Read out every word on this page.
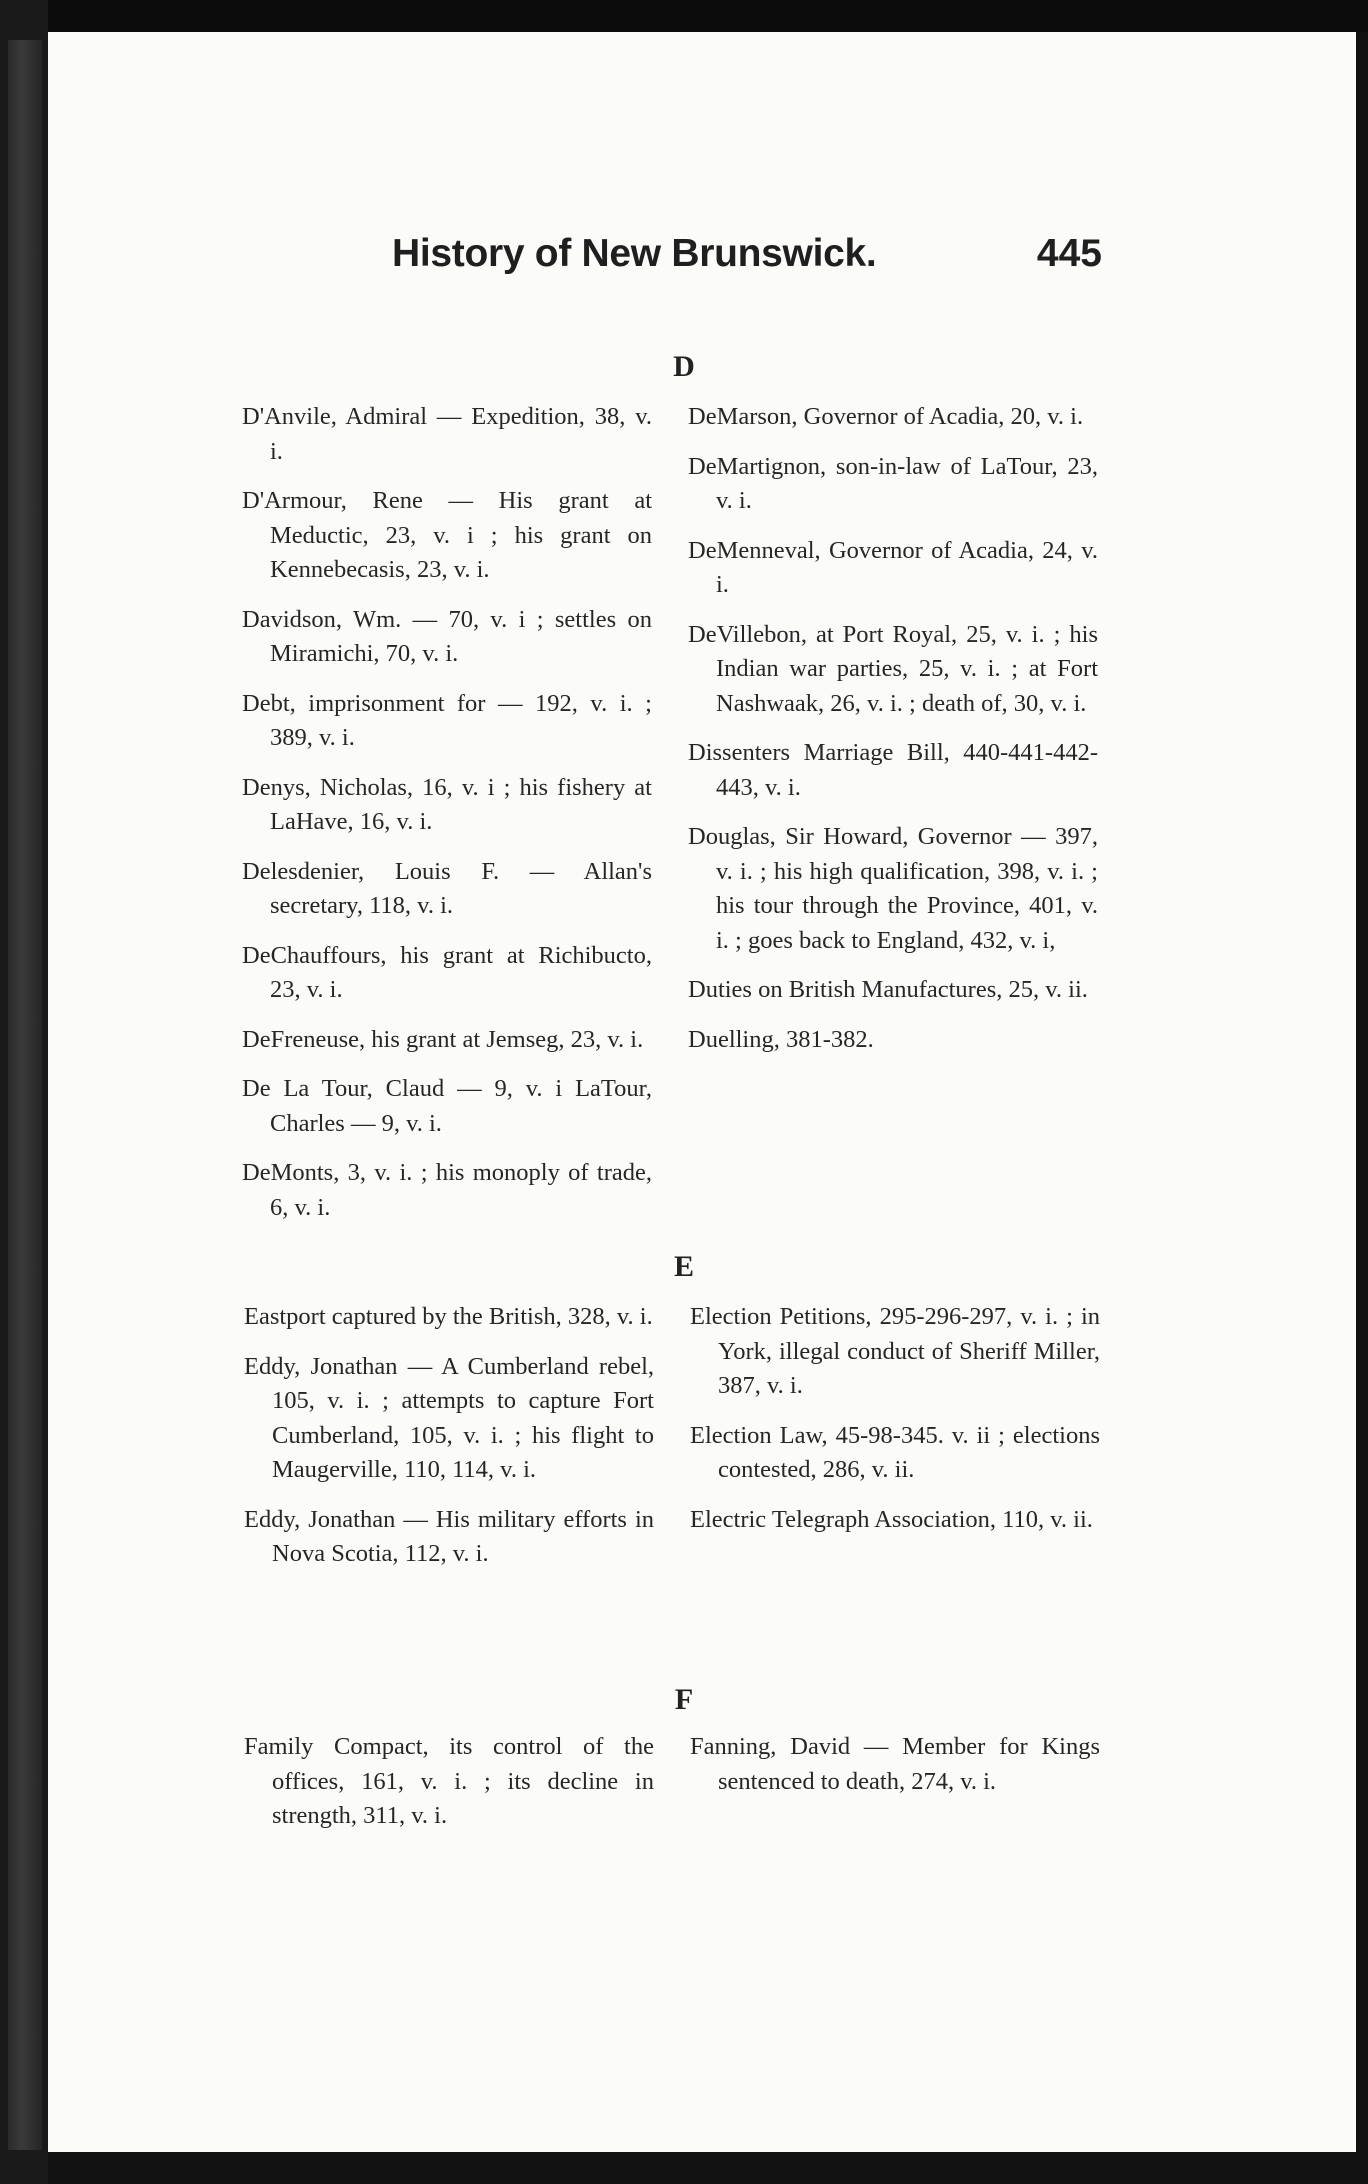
History of New Brunswick.	445
D

D'Anvile, Admiral — Expedition, 38, v. i.

D'Armour, Rene — His grant at Meductic, 23, v. i ; his grant on Kennebecasis, 23, v. i.

Davidson, Wm. — 70, v. i ; settles on Miramichi, 70, v. i.

Debt, imprisonment for — 192, v. i. ; 389, v. i.

Denys, Nicholas, 16, v. i ; his fishery at LaHave, 16, v. i.

Delesdenier, Louis F. — Allan's secretary, 118, v. i.

DeChauffours, his grant at Richibucto, 23, v. i.

DeFreneuse, his grant at Jemseg, 23, v. i.

De La Tour, Claud — 9, v. i LaTour, Charles — 9, v. i.

DeMonts, 3, v. i. ; his monoply of trade, 6, v. i.

DeMarson, Governor of Acadia, 20, v. i.

DeMartignon, son-in-law of LaTour, 23, v. i.

DeMenneval, Governor of Acadia, 24, v. i.

DeVillebon, at Port Royal, 25, v. i. ; his Indian war parties, 25, v. i. ; at Fort Nashwaak, 26, v. i. ; death of, 30, v. i.

Dissenters Marriage Bill, 440-441-442-443, v. i.

Douglas, Sir Howard, Governor — 397, v. i. ; his high qualification, 398, v. i. ; his tour through the Province, 401, v. i. ; goes back to England, 432, v. i,

Duties on British Manufactures, 25, v. ii.

Duelling, 381-382.

E

Eastport captured by the British, 328, v. i.

Eddy, Jonathan — A Cumberland rebel, 105, v. i. ; attempts to capture Fort Cumberland, 105, v. i. ; his flight to Maugerville, 110, 114, v. i.

Eddy, Jonathan — His military efforts in Nova Scotia, 112, v. i.

Election Petitions, 295-296-297, v. i. ; in York, illegal conduct of Sheriff Miller, 387, v. i.

Election Law, 45-98-345. v. ii ; elections contested, 286, v. ii.

Electric Telegraph Association, 110, v. ii.

F

Family Compact, its control of the offices, 161, v. i. ; its decline in strength, 311, v. i.

Fanning, David — Member for Kings sentenced to death, 274, v. i.
